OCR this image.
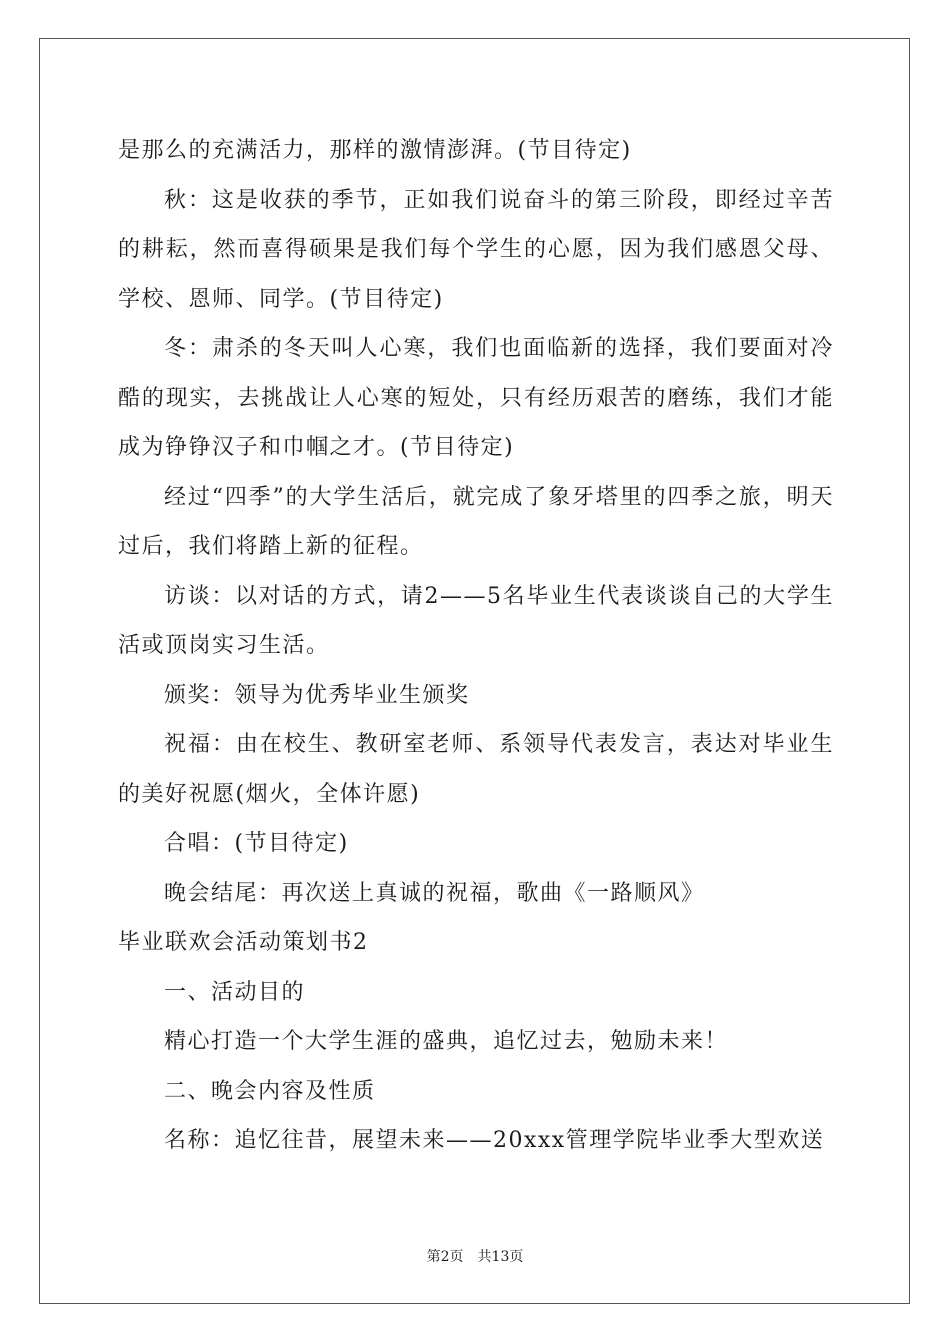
是那么的充满活力，那样的激情澎湃。(节目待定)

秋：这是收获的季节，正如我们说奋斗的第三阶段，即经过辛苦的耕耘，然而喜得硕果是我们每个学生的心愿，因为我们感恩父母、学校、恩师、同学。(节目待定)

冬：肃杀的冬天叫人心寒，我们也面临新的选择，我们要面对冷酷的现实，去挑战让人心寒的短处，只有经历艰苦的磨练，我们才能成为铮铮汉子和巾帼之才。(节目待定)

经过“四季”的大学生活后，就完成了象牙塔里的四季之旅，明天过后，我们将踏上新的征程。

访谈：以对话的方式，请2——5名毕业生代表谈谈自己的大学生活或顶岗实习生活。

颁奖：领导为优秀毕业生颁奖

祝福：由在校生、教研室老师、系领导代表发言，表达对毕业生的美好祝愿(烟火，全体许愿)

合唱：(节目待定)

晚会结尾：再次送上真诚的祝福，歌曲《一路顺风》

毕业联欢会活动策划书2

一、活动目的

精心打造一个大学生涯的盛典，追忆过去，勉励未来！

二、晚会内容及性质

名称：追忆往昔，展望未来——20xxx管理学院毕业季大型欢送

第2页 共13页
